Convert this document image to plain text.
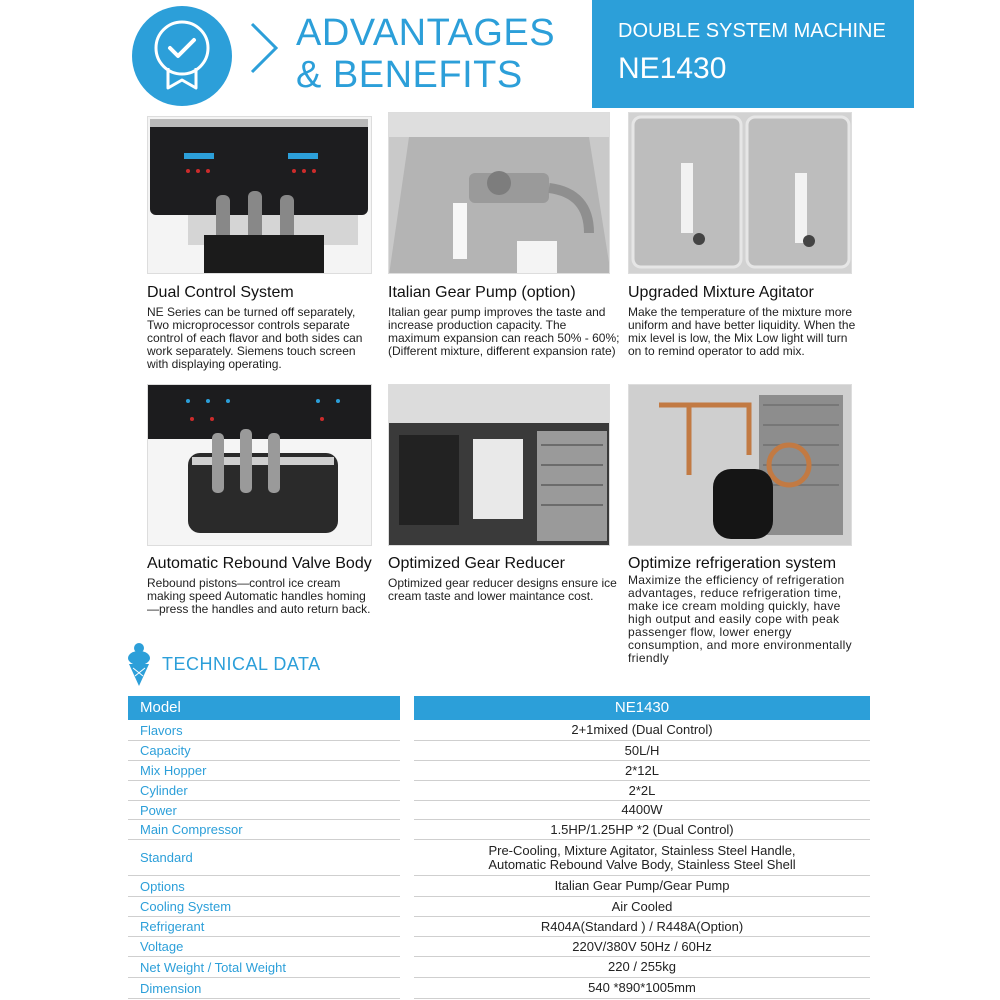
ADVANTAGES
& BENEFITS
DOUBLE SYSTEM MACHINE
NE1430
Dual Control System
NE Series can be turned off separately, Two microprocessor controls separate control of each flavor and both sides can work separately. Siemens touch screen with displaying operating.
Italian Gear Pump (option)
Italian gear pump improves the taste and increase production capacity. The maximum expansion can reach 50% - 60%; (Different mixture, different expansion rate)
Upgraded Mixture Agitator
Make the temperature of the mixture more uniform and have better liquidity. When the mix level is low, the Mix Low light will turn on to remind operator to add mix.
Automatic Rebound Valve Body
Rebound pistons—control ice cream making speed Automatic handles homing —press the handles and auto return back.
Optimized Gear Reducer
Optimized gear reducer designs ensure ice cream taste and lower maintance cost.
Optimize refrigeration system
Maximize the efficiency of refrigeration advantages, reduce refrigeration time, make ice cream molding quickly, have high output and easily cope with peak passenger flow, lower energy consumption, and more environmentally friendly
TECHNICAL DATA
Model	NE1430
Flavors	2+1mixed (Dual Control)
Capacity	50L/H
Mix Hopper	2*12L
Cylinder	2*2L
Power	4400W
Main Compressor	1.5HP/1.25HP *2 (Dual Control)
Standard	Pre-Cooling, Mixture Agitator, Stainless Steel Handle, Automatic Rebound Valve Body, Stainless Steel Shell
Options	Italian Gear Pump/Gear Pump
Cooling System	Air Cooled
Refrigerant	R404A(Standard ) / R448A(Option)
Voltage	220V/380V 50Hz / 60Hz
Net Weight / Total Weight	220 / 255kg
Dimension	540 *890*1005mm
